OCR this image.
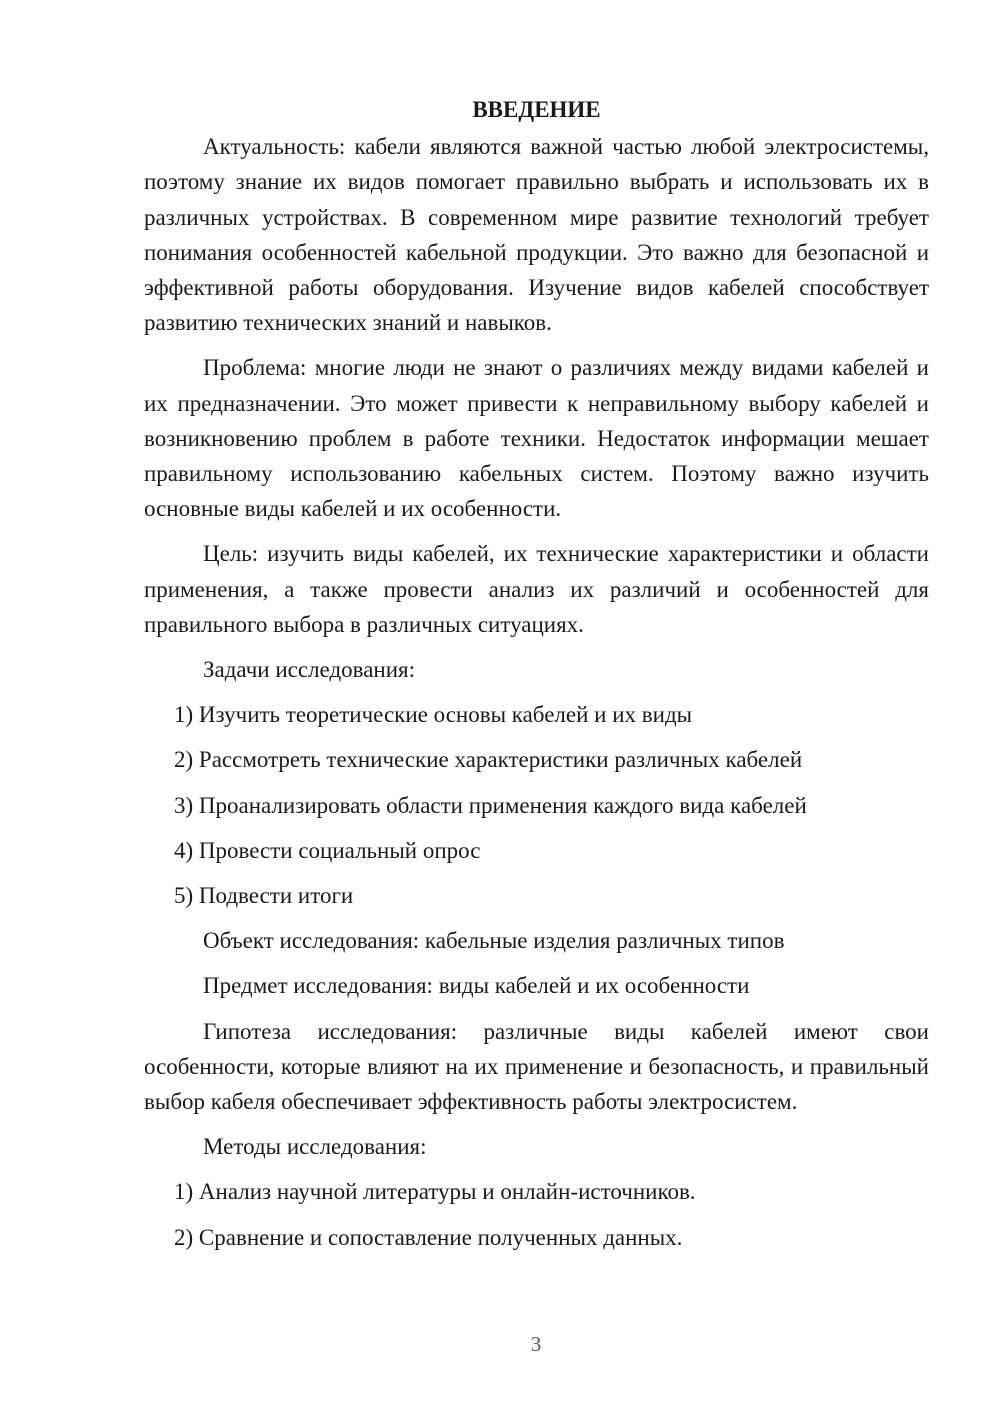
ВВЕДЕНИЕ

Актуальность: кабели являются важной частью любой электросистемы, поэтому знание их видов помогает правильно выбрать и использовать их в различных устройствах. В современном мире развитие технологий требует понимания особенностей кабельной продукции. Это важно для безопасной и эффективной работы оборудования. Изучение видов кабелей способствует развитию технических знаний и навыков.

Проблема: многие люди не знают о различиях между видами кабелей и их предназначении. Это может привести к неправильному выбору кабелей и возникновению проблем в работе техники. Недостаток информации мешает правильному использованию кабельных систем. Поэтому важно изучить основные виды кабелей и их особенности.

Цель: изучить виды кабелей, их технические характеристики и области применения, а также провести анализ их различий и особенностей для правильного выбора в различных ситуациях.

Задачи исследования:
1) Изучить теоретические основы кабелей и их виды
2) Рассмотреть технические характеристики различных кабелей
3) Проанализировать области применения каждого вида кабелей
4) Провести социальный опрос
5) Подвести итоги
Объект исследования: кабельные изделия различных типов
Предмет исследования: виды кабелей и их особенности

Гипотеза исследования: различные виды кабелей имеют свои особенности, которые влияют на их применение и безопасность, и правильный выбор кабеля обеспечивает эффективность работы электросистем.

Методы исследования:
1) Анализ научной литературы и онлайн-источников.
2) Сравнение и сопоставление полученных данных.
3
